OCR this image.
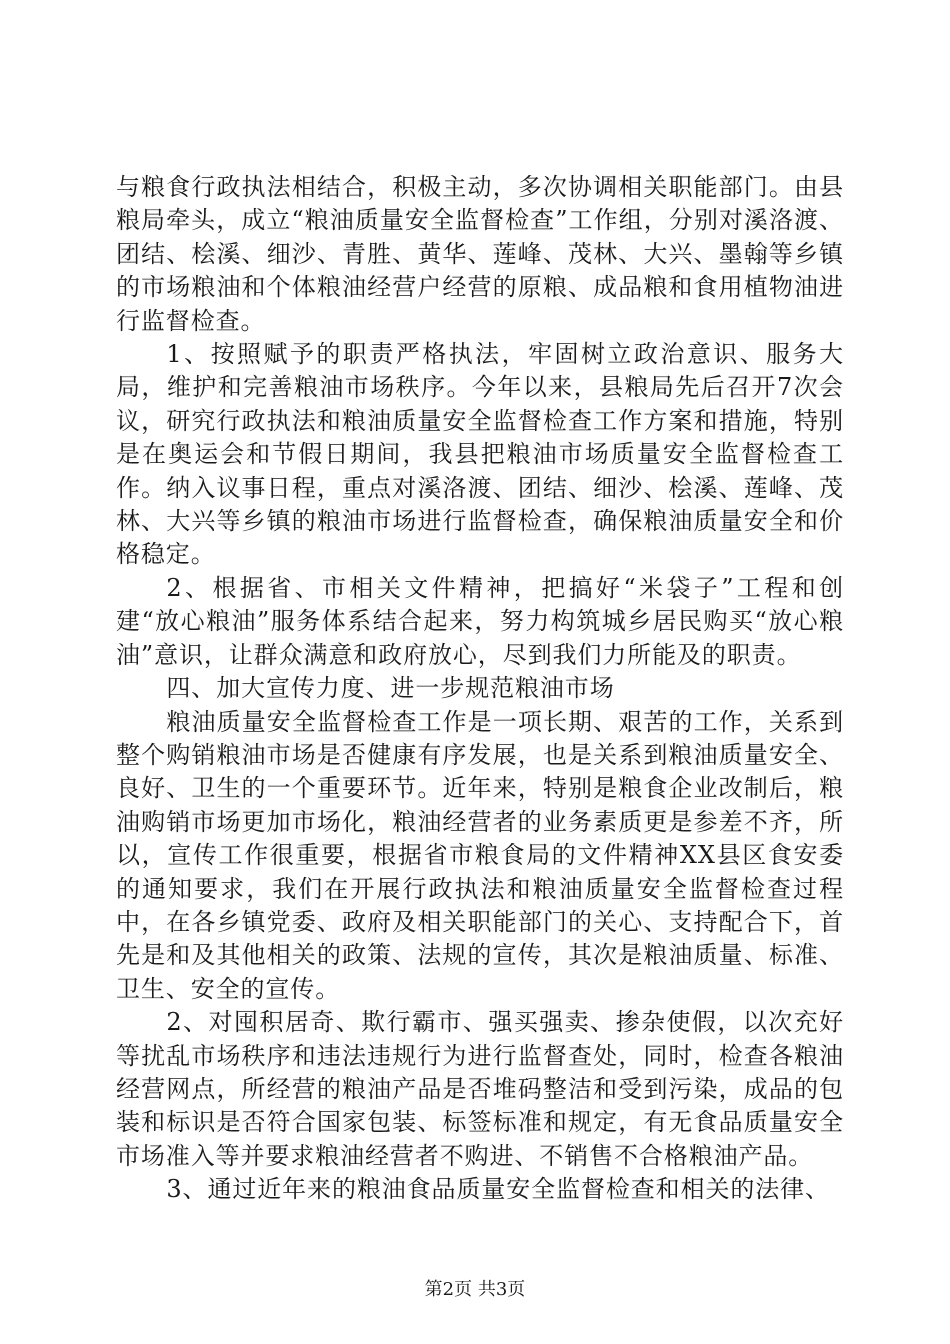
与粮食行政执法相结合，积极主动，多次协调相关职能部门。由县粮局牵头，成立“粮油质量安全监督检查”工作组，分别对溪洛渡、团结、桧溪、细沙、青胜、黄华、莲峰、茂林、大兴、墨翰等乡镇的市场粮油和个体粮油经营户经营的原粮、成品粮和食用植物油进行监督检查。

1、按照赋予的职责严格执法，牢固树立政治意识、服务大局，维护和完善粮油市场秩序。今年以来，县粮局先后召开7次会议，研究行政执法和粮油质量安全监督检查工作方案和措施，特别是在奥运会和节假日期间，我县把粮油市场质量安全监督检查工作。纳入议事日程，重点对溪洛渡、团结、细沙、桧溪、莲峰、茂林、大兴等乡镇的粮油市场进行监督检查，确保粮油质量安全和价格稳定。

2、根据省、市相关文件精神，把搞好“米袋子”工程和创建“放心粮油”服务体系结合起来，努力构筑城乡居民购买“放心粮油”意识，让群众满意和政府放心，尽到我们力所能及的职责。

四、加大宣传力度、进一步规范粮油市场

粮油质量安全监督检查工作是一项长期、艰苦的工作，关系到整个购销粮油市场是否健康有序发展，也是关系到粮油质量安全、良好、卫生的一个重要环节。近年来，特别是粮食企业改制后，粮油购销市场更加市场化，粮油经营者的业务素质更是参差不齐，所以，宣传工作很重要，根据省市粮食局的文件精神XX县区食安委的通知要求，我们在开展行政执法和粮油质量安全监督检查过程中，在各乡镇党委、政府及相关职能部门的关心、支持配合下，首先是和及其他相关的政策、法规的宣传，其次是粮油质量、标准、卫生、安全的宣传。

2、对囤积居奇、欺行霸市、强买强卖、掺杂使假，以次充好等扰乱市场秩序和违法违规行为进行监督查处，同时，检查各粮油经营网点，所经营的粮油产品是否堆码整洁和受到污染，成品的包装和标识是否符合国家包装、标签标准和规定，有无食品质量安全市场准入等并要求粮油经营者不购进、不销售不合格粮油产品。

3、通过近年来的粮油食品质量安全监督检查和相关的法律、

第2页 共3页
